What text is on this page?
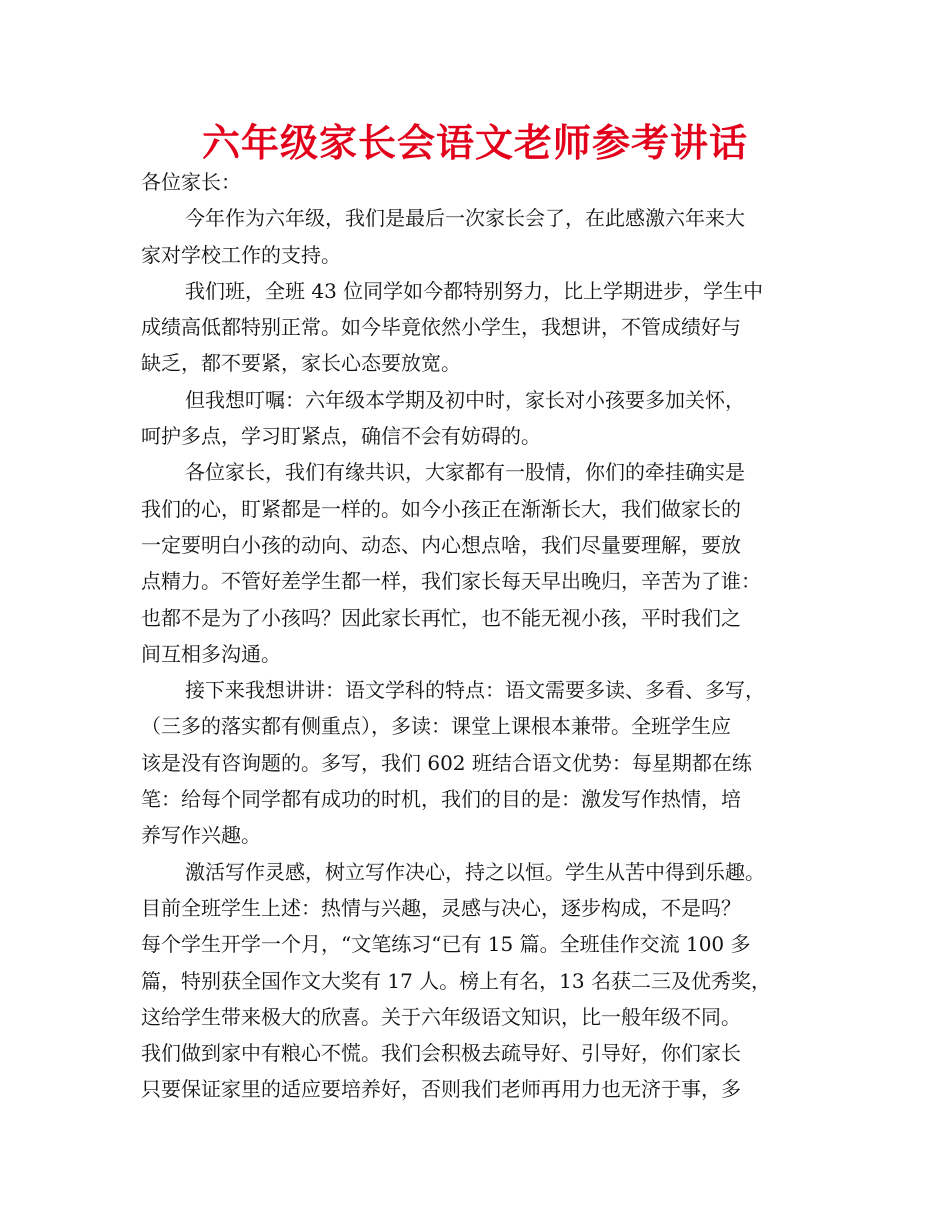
六年级家长会语文老师参考讲话
各位家长：
今年作为六年级，我们是最后一次家长会了，在此感激六年来大
家对学校工作的支持。
我们班，全班 43 位同学如今都特别努力，比上学期进步，学生中
成绩高低都特别正常。如今毕竟依然小学生，我想讲，不管成绩好与
缺乏，都不要紧，家长心态要放宽。
但我想叮嘱：六年级本学期及初中时，家长对小孩要多加关怀，
呵护多点，学习盯紧点，确信不会有妨碍的。
各位家长，我们有缘共识，大家都有一股情，你们的牵挂确实是
我们的心，盯紧都是一样的。如今小孩正在渐渐长大，我们做家长的
一定要明白小孩的动向、动态、内心想点啥，我们尽量要理解，要放
点精力。不管好差学生都一样，我们家长每天早出晚归，辛苦为了谁：
也都不是为了小孩吗？因此家长再忙，也不能无视小孩，平时我们之
间互相多沟通。
接下来我想讲讲：语文学科的特点：语文需要多读、多看、多写，
（三多的落实都有侧重点），多读：课堂上课根本兼带。全班学生应
该是没有咨询题的。多写，我们 602 班结合语文优势：每星期都在练
笔：给每个同学都有成功的时机，我们的目的是：激发写作热情，培
养写作兴趣。
激活写作灵感，树立写作决心，持之以恒。学生从苦中得到乐趣。
目前全班学生上述：热情与兴趣，灵感与决心，逐步构成，不是吗？
每个学生开学一个月，“文笔练习“已有 15 篇。全班佳作交流 100 多
篇，特别获全国作文大奖有 17 人。榜上有名，13 名获二三及优秀奖，
这给学生带来极大的欣喜。关于六年级语文知识，比一般年级不同。
我们做到家中有粮心不慌。我们会积极去疏导好、引导好，你们家长
只要保证家里的适应要培养好，否则我们老师再用力也无济于事，多
